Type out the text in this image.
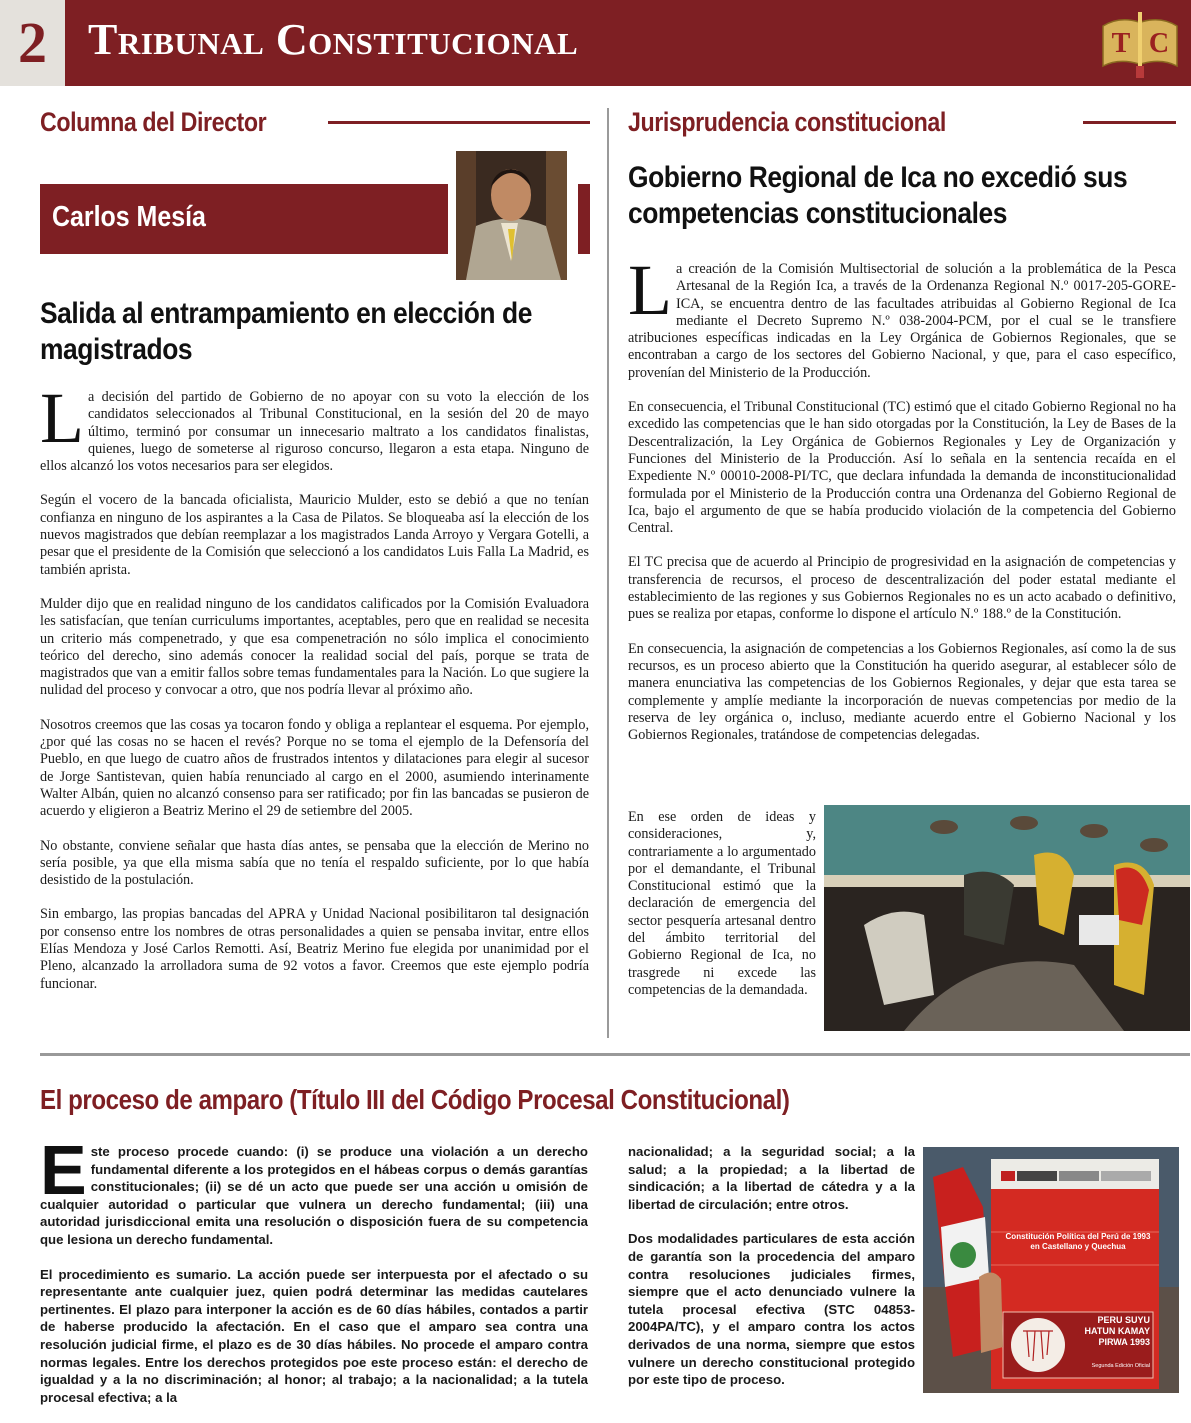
2 Tribunal Constitucional	T C
Columna del Director
Carlos Mesía
Salida al entrampamiento en elección de magistrados

La decisión del partido de Gobierno de no apoyar con su voto la elección de los candidatos seleccionados al Tribunal Constitucional, en la sesión del 20 de mayo último, terminó por consumar un innecesario maltrato a los candidatos finalistas, quienes, luego de someterse al riguroso concurso, llegaron a esta etapa. Ninguno de ellos alcanzó los votos necesarios para ser elegidos.

Según el vocero de la bancada oficialista, Mauricio Mulder, esto se debió a que no tenían confianza en ninguno de los aspirantes a la Casa de Pilatos. Se bloqueaba así la elección de los nuevos magistrados que debían reemplazar a los magistrados Landa Arroyo y Vergara Gotelli, a pesar que el presidente de la Comisión que seleccionó a los candidatos Luis Falla La Madrid, es también aprista.

Mulder dijo que en realidad ninguno de los candidatos calificados por la Comisión Evaluadora les satisfacían, que tenían curriculums importantes, aceptables, pero que en realidad se necesita un criterio más compenetrado, y que esa compenetración no sólo implica el conocimiento teórico del derecho, sino además conocer la realidad social del país, porque se trata de magistrados que van a emitir fallos sobre temas fundamentales para la Nación. Lo que sugiere la nulidad del proceso y convocar a otro, que nos podría llevar al próximo año.

Nosotros creemos que las cosas ya tocaron fondo y obliga a replantear el esquema. Por ejemplo, ¿por qué las cosas no se hacen el revés? Porque no se toma el ejemplo de la Defensoría del Pueblo, en que luego de cuatro años de frustrados intentos y dilataciones para elegir al sucesor de Jorge Santistevan, quien había renunciado al cargo en el 2000, asumiendo interinamente Walter Albán, quien no alcanzó consenso para ser ratificado; por fin las bancadas se pusieron de acuerdo y eligieron a Beatriz Merino el 29 de setiembre del 2005.

No obstante, conviene señalar que hasta días antes, se pensaba que la elección de Merino no sería posible, ya que ella misma sabía que no tenía el respaldo suficiente, por lo que había desistido de la postulación.

Sin embargo, las propias bancadas del APRA y Unidad Nacional posibilitaron tal designación por consenso entre los nombres de otras personalidades a quien se pensaba invitar, entre ellos Elías Mendoza y José Carlos Remotti. Así, Beatriz Merino fue elegida por unanimidad por el Pleno, alcanzado la arrolladora suma de 92 votos a favor. Creemos que este ejemplo podría funcionar.

Jurisprudencia constitucional
Gobierno Regional de Ica no excedió sus competencias constitucionales

La creación de la Comisión Multisectorial de solución a la problemática de la Pesca Artesanal de la Región Ica, a través de la Ordenanza Regional N.º 0017-205-GORE-ICA, se encuentra dentro de las facultades atribuidas al Gobierno Regional de Ica mediante el Decreto Supremo N.º 038-2004-PCM, por el cual se le transfiere atribuciones específicas indicadas en la Ley Orgánica de Gobiernos Regionales, que se encontraban a cargo de los sectores del Gobierno Nacional, y que, para el caso específico, provenían del Ministerio de la Producción.

En consecuencia, el Tribunal Constitucional (TC) estimó que el citado Gobierno Regional no ha excedido las competencias que le han sido otorgadas por la Constitución, la Ley de Bases de la Descentralización, la Ley Orgánica de Gobiernos Regionales y Ley de Organización y Funciones del Ministerio de la Producción. Así lo señala en la sentencia recaída en el Expediente N.º 00010-2008-PI/TC, que declara infundada la demanda de inconstitucionalidad formulada por el Ministerio de la Producción contra una Ordenanza del Gobierno Regional de Ica, bajo el argumento de que se había producido violación de la competencia del Gobierno Central.

El TC precisa que de acuerdo al Principio de progresividad en la asignación de competencias y transferencia de recursos, el proceso de descentralización del poder estatal mediante el establecimiento de las regiones y sus Gobiernos Regionales no es un acto acabado o definitivo, pues se realiza por etapas, conforme lo dispone el artículo N.º 188.º de la Constitución.

En consecuencia, la asignación de competencias a los Gobiernos Regionales, así como la de sus recursos, es un proceso abierto que la Constitución ha querido asegurar, al establecer sólo de manera enunciativa las competencias de los Gobiernos Regionales, y dejar que esta tarea se complemente y amplíe mediante la incorporación de nuevas competencias por medio de la reserva de ley orgánica o, incluso, mediante acuerdo entre el Gobierno Nacional y los Gobiernos Regionales, tratándose de competencias delegadas.

En ese orden de ideas y consideraciones, y, contrariamente a lo argumentado por el demandante, el Tribunal Constitucional estimó que la declaración de emergencia del sector pesquería artesanal dentro del ámbito territorial del Gobierno Regional de Ica, no trasgrede ni excede las competencias de la demandada.

El proceso de amparo (Título III del Código Procesal Constitucional)

Este proceso procede cuando: (i) se produce una violación a un derecho fundamental diferente a los protegidos en el hábeas corpus o demás garantías constitucionales; (ii) se dé un acto que puede ser una acción u omisión de cualquier autoridad o particular que vulnera un derecho fundamental; (iii) una autoridad jurisdiccional emita una resolución o disposición fuera de su competencia que lesiona un derecho fundamental.

El procedimiento es sumario. La acción puede ser interpuesta por el afectado o su representante ante cualquier juez, quien podrá determinar las medidas cautelares pertinentes. El plazo para interponer la acción es de 60 días hábiles, contados a partir de haberse producido la afectación. En el caso que el amparo sea contra una resolución judicial firme, el plazo es de 30 días hábiles. No procede el amparo contra normas legales. Entre los derechos protegidos poe este proceso están: el derecho de igualdad y a la no discriminación; al honor; al trabajo; a la nacionalidad; a la tutela procesal efectiva; a la

nacionalidad; a la seguridad social; a la salud; a la propiedad; a la libertad de sindicación; a la libertad de cátedra y a la libertad de circulación; entre otros.

Dos modalidades particulares de esta acción de garantía son la procedencia del amparo contra resoluciones judiciales firmes, siempre que el acto denunciado vulnere la tutela procesal efectiva (STC 04853-2004PA/TC), y el amparo contra los actos derivados de una norma, siempre que estos vulnere un derecho constitucional protegido por este tipo de proceso.

Constitución Política del Perú de 1993 en Castellano y Quechua
PERU SUYU HATUN KAMAY PIRWA 1993
Segunda Edición Oficial
